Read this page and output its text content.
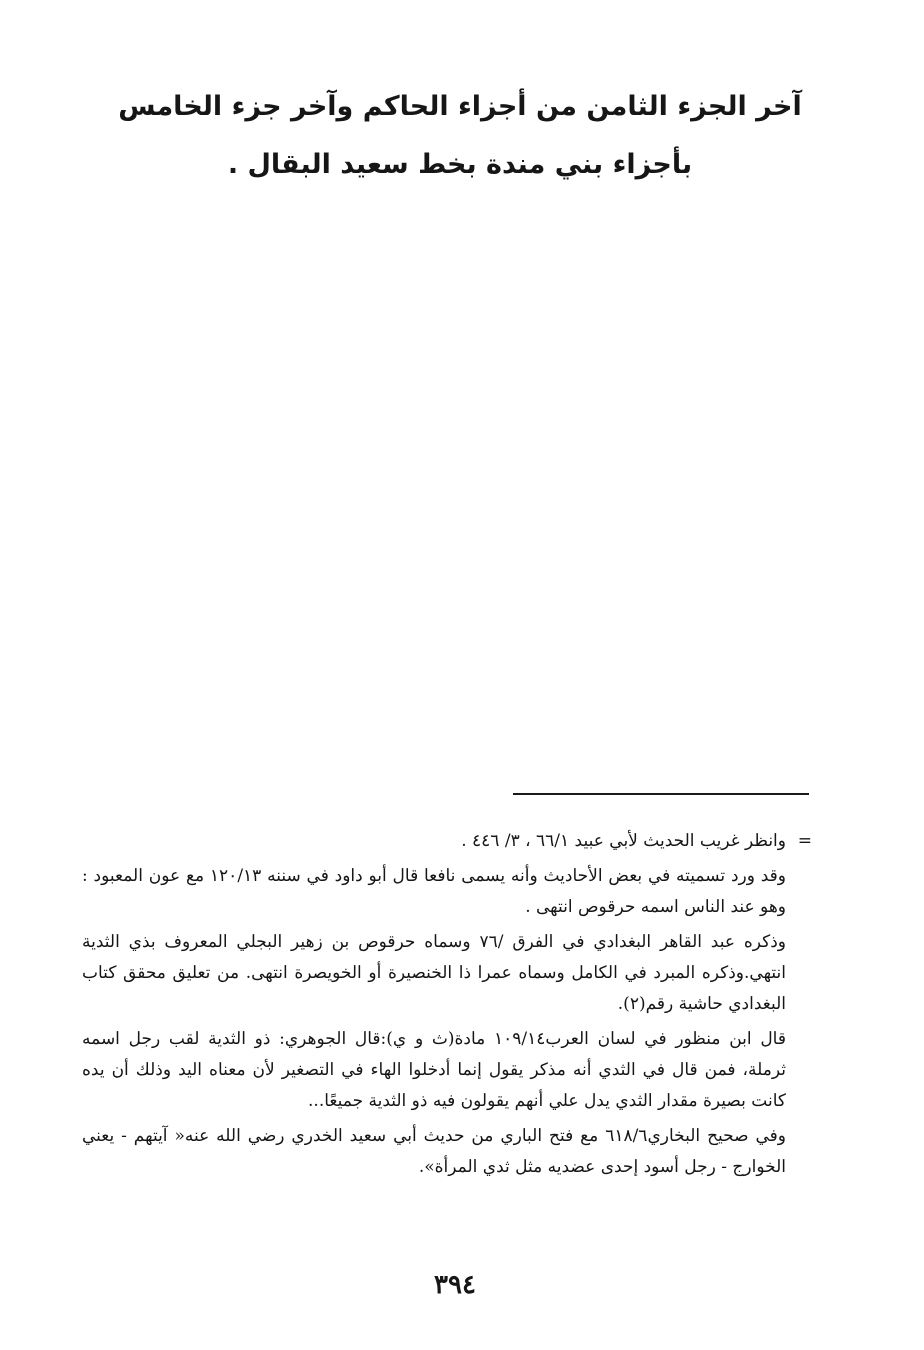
آخر الجزء الثامن من أجزاء الحاكم وآخر جزء الخامس
بأجزاء بني مندة بخط سعيد البقال .

=
وانظر غريب الحديث لأبي عبيد ٦٦/١ ، ٣/ ٤٤٦ .

وقد ورد تسميته في بعض الأحاديث وأنه يسمى نافعا قال أبو داود في سننه ١٢٠/١٣ مع عون المعبود : وهو عند الناس اسمه حرقوص انتهى .

وذكره عبد القاهر البغدادي في الفرق /٧٦ وسماه حرقوص بن زهير البجلي المعروف بذي الثدية انتهي.وذكره المبرد في الكامل وسماه عمرا ذا الخنصيرة أو الخويصرة انتهى. من تعليق محقق كتاب البغدادي حاشية رقم(٢).

قال ابن منظور في لسان العرب١٠٩/١٤ مادة(ث و ي):قال الجوهري: ذو الثدية لقب رجل اسمه ثرملة، فمن قال في الثدي أنه مذكر يقول إنما أدخلوا الهاء في التصغير لأن معناه اليد وذلك أن يده كانت بصيرة مقدار الثدي يدل علي أنهم يقولون فيه ذو الثدية جميعًا...

وفي صحيح البخاري٦١٨/٦ مع فتح الباري من حديث أبي سعيد الخدري رضي الله عنه« آيتهم - يعني الخوارج - رجل أسود إحدى عضديه مثل ثدي المرأة».

٣٩٤
